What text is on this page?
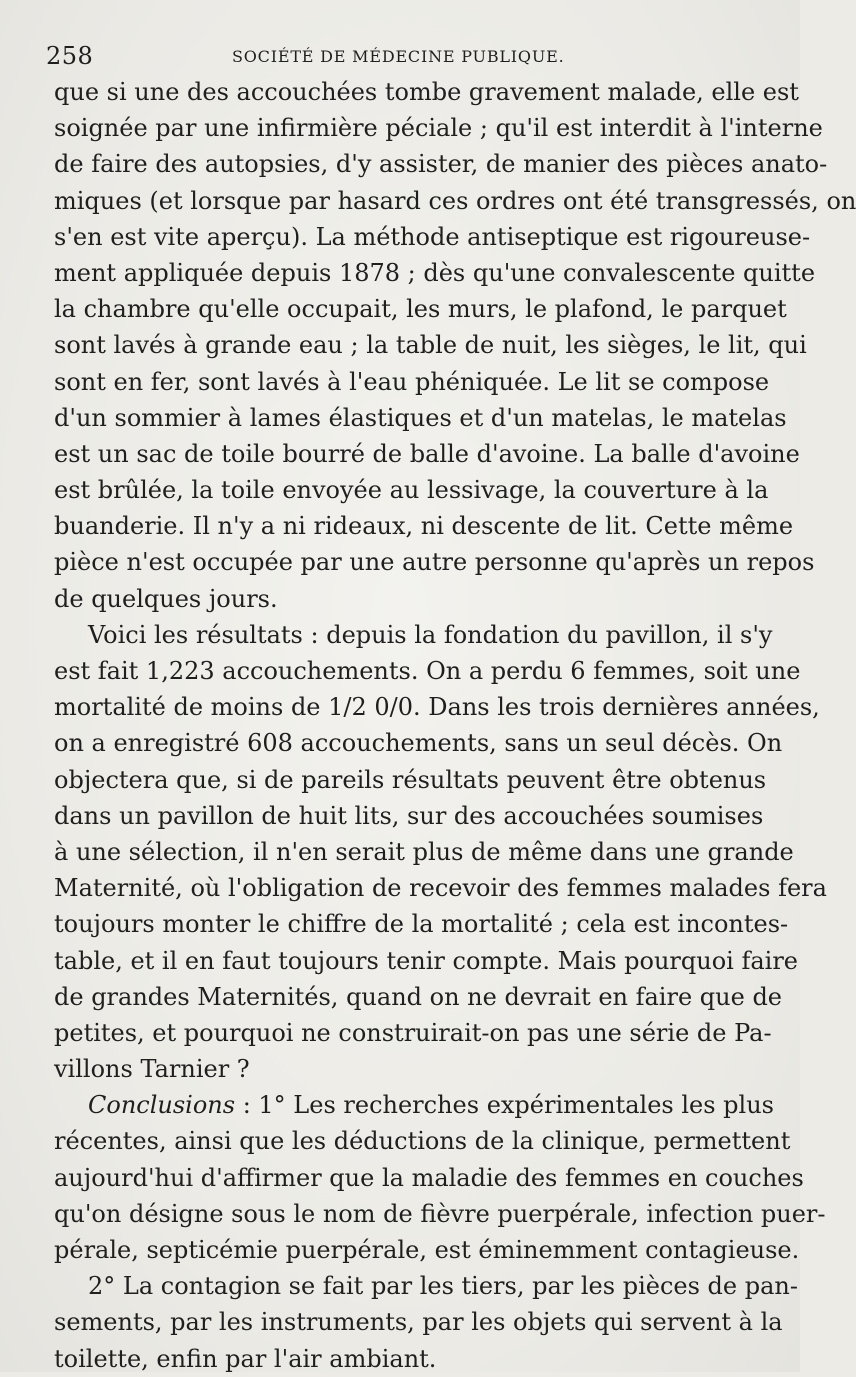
258	SOCIÉTÉ DE MÉDECINE PUBLIQUE.
que si une des accouchées tombe gravement malade, elle est
soignée par une infirmière péciale ; qu'il est interdit à l'interne
de faire des autopsies, d'y assister, de manier des pièces anato-
miques (et lorsque par hasard ces ordres ont été transgressés, on
s'en est vite aperçu). La méthode antiseptique est rigoureuse-
ment appliquée depuis 1878 ; dès qu'une convalescente quitte
la chambre qu'elle occupait, les murs, le plafond, le parquet
sont lavés à grande eau ; la table de nuit, les sièges, le lit, qui
sont en fer, sont lavés à l'eau phéniquée. Le lit se compose
d'un sommier à lames élastiques et d'un matelas, le matelas
est un sac de toile bourré de balle d'avoine. La balle d'avoine
est brûlée, la toile envoyée au lessivage, la couverture à la
buanderie. Il n'y a ni rideaux, ni descente de lit. Cette même
pièce n'est occupée par une autre personne qu'après un repos
de quelques jours.
Voici les résultats : depuis la fondation du pavillon, il s'y
est fait 1,223 accouchements. On a perdu 6 femmes, soit une
mortalité de moins de 1/2 0/0. Dans les trois dernières années,
on a enregistré 608 accouchements, sans un seul décès. On
objectera que, si de pareils résultats peuvent être obtenus
dans un pavillon de huit lits, sur des accouchées soumises
à une sélection, il n'en serait plus de même dans une grande
Maternité, où l'obligation de recevoir des femmes malades fera
toujours monter le chiffre de la mortalité ; cela est incontes-
table, et il en faut toujours tenir compte. Mais pourquoi faire
de grandes Maternités, quand on ne devrait en faire que de
petites, et pourquoi ne construirait-on pas une série de Pa-
villons Tarnier ?
Conclusions : 1° Les recherches expérimentales les plus
récentes, ainsi que les déductions de la clinique, permettent
aujourd'hui d'affirmer que la maladie des femmes en couches
qu'on désigne sous le nom de fièvre puerpérale, infection puer-
pérale, septicémie puerpérale, est éminemment contagieuse.
2° La contagion se fait par les tiers, par les pièces de pan-
sements, par les instruments, par les objets qui servent à la
toilette, enfin par l'air ambiant.
